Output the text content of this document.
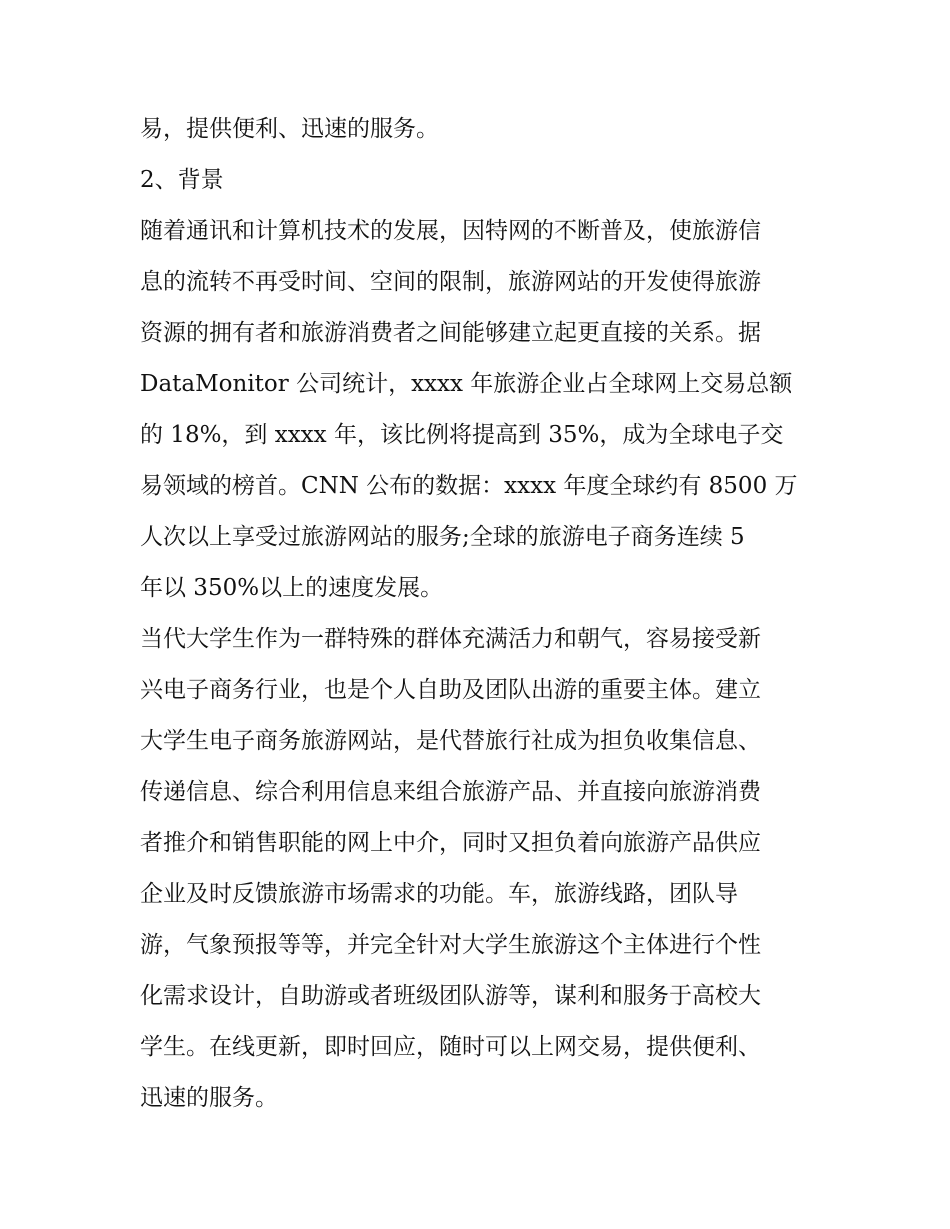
易，提供便利、迅速的服务。
2、背景
随着通讯和计算机技术的发展，因特网的不断普及，使旅游信
息的流转不再受时间、空间的限制，旅游网站的开发使得旅游
资源的拥有者和旅游消费者之间能够建立起更直接的关系。据
DataMonitor 公司统计，xxxx 年旅游企业占全球网上交易总额
的 18%，到 xxxx 年，该比例将提高到 35%，成为全球电子交
易领域的榜首。CNN 公布的数据：xxxx 年度全球约有 8500 万
人次以上享受过旅游网站的服务;全球的旅游电子商务连续 5
年以 350%以上的速度发展。
当代大学生作为一群特殊的群体充满活力和朝气，容易接受新
兴电子商务行业，也是个人自助及团队出游的重要主体。建立
大学生电子商务旅游网站，是代替旅行社成为担负收集信息、
传递信息、综合利用信息来组合旅游产品、并直接向旅游消费
者推介和销售职能的网上中介，同时又担负着向旅游产品供应
企业及时反馈旅游市场需求的功能。车，旅游线路，团队导
游，气象预报等等，并完全针对大学生旅游这个主体进行个性
化需求设计，自助游或者班级团队游等，谋利和服务于高校大
学生。在线更新，即时回应，随时可以上网交易，提供便利、
迅速的服务。
